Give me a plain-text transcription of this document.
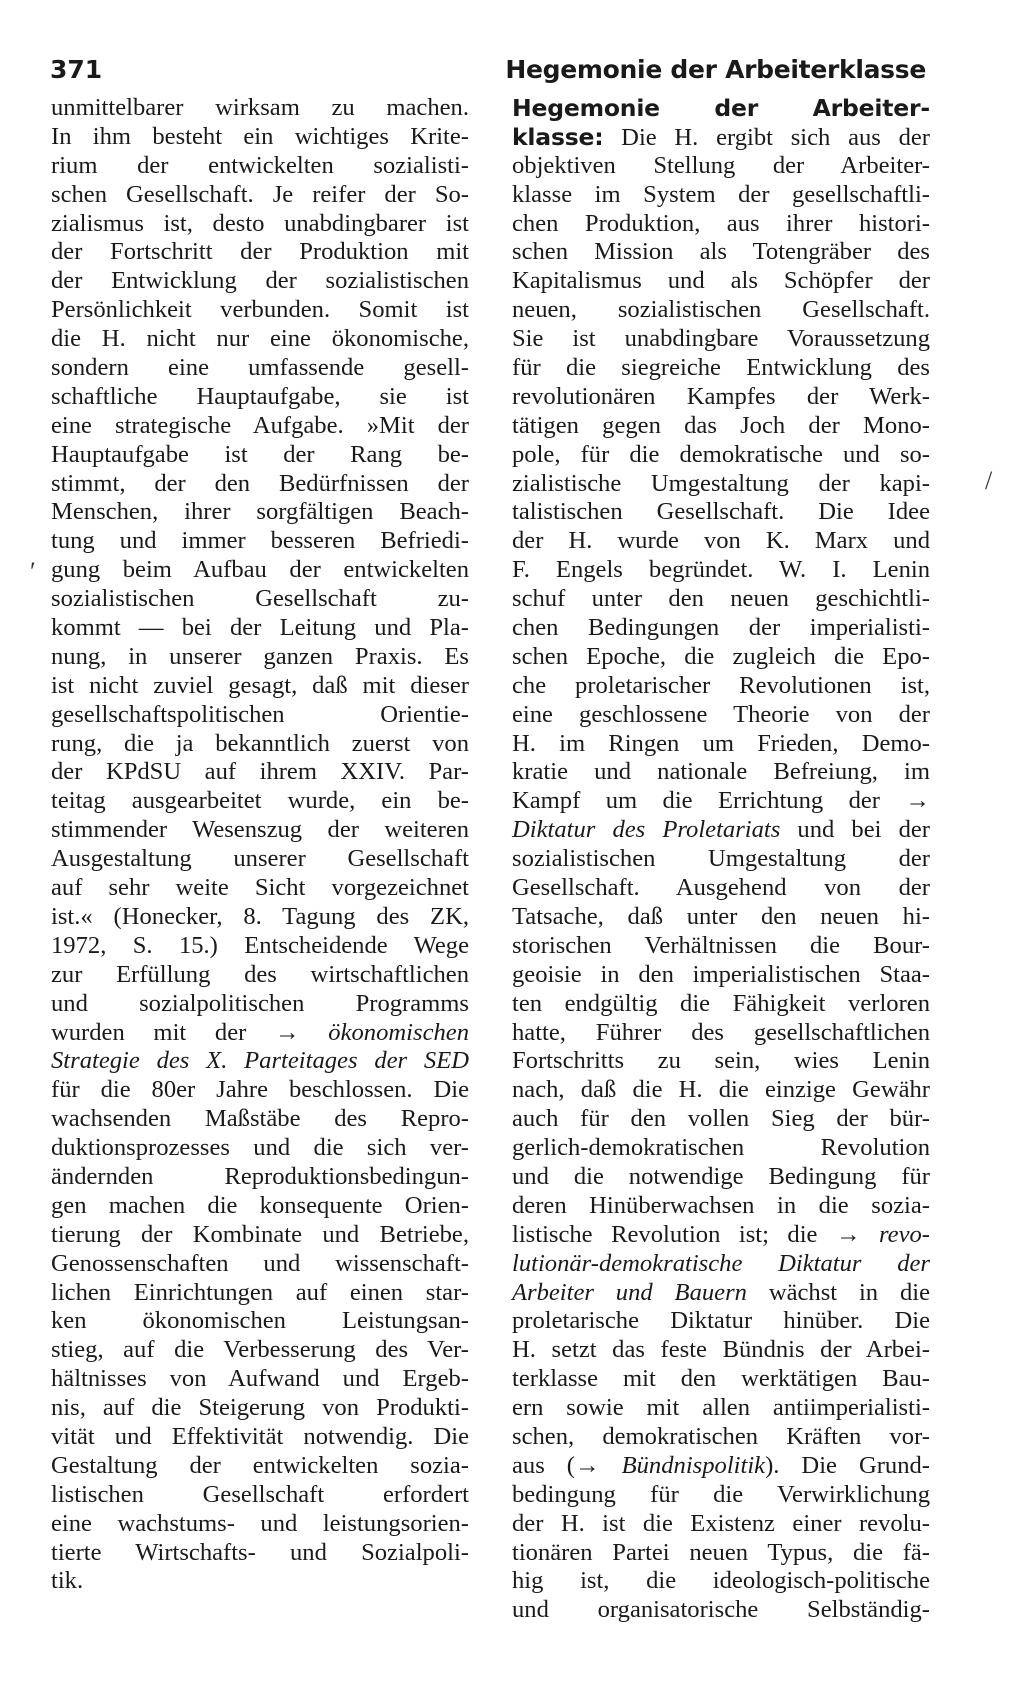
371	Hegemonie der Arbeiterklasse
unmittelbarer wirksam zu machen.
In ihm besteht ein wichtiges Krite-
rium der entwickelten sozialisti-
schen Gesellschaft. Je reifer der So-
zialismus ist, desto unabdingbarer ist
der Fortschritt der Produktion mit
der Entwicklung der sozialistischen
Persönlichkeit verbunden. Somit ist
die H. nicht nur eine ökonomische,
sondern eine umfassende gesell-
schaftliche Hauptaufgabe, sie ist
eine strategische Aufgabe. »Mit der
Hauptaufgabe ist der Rang be-
stimmt, der den Bedürfnissen der
Menschen, ihrer sorgfältigen Beach-
tung und immer besseren Befriedi-
gung beim Aufbau der entwickelten
sozialistischen Gesellschaft zu-
kommt — bei der Leitung und Pla-
nung, in unserer ganzen Praxis. Es
ist nicht zuviel gesagt, daß mit dieser
gesellschaftspolitischen Orientie-
rung, die ja bekanntlich zuerst von
der KPdSU auf ihrem XXIV. Par-
teitag ausgearbeitet wurde, ein be-
stimmender Wesenszug der weiteren
Ausgestaltung unserer Gesellschaft
auf sehr weite Sicht vorgezeichnet
ist.« (Honecker, 8. Tagung des ZK,
1972, S. 15.) Entscheidende Wege
zur Erfüllung des wirtschaftlichen
und sozialpolitischen Programms
wurden mit der → ökonomischen
Strategie des X. Parteitages der SED
für die 80er Jahre beschlossen. Die
wachsenden Maßstäbe des Repro-
duktionsprozesses und die sich ver-
ändernden Reproduktionsbedingun-
gen machen die konsequente Orien-
tierung der Kombinate und Betriebe,
Genossenschaften und wissenschaft-
lichen Einrichtungen auf einen star-
ken ökonomischen Leistungsan-
stieg, auf die Verbesserung des Ver-
hältnisses von Aufwand und Ergeb-
nis, auf die Steigerung von Produkti-
vität und Effektivität notwendig. Die
Gestaltung der entwickelten sozia-
listischen Gesellschaft erfordert
eine wachstums- und leistungsorien-
tierte Wirtschafts- und Sozialpoli-
tik.
Hegemonie der Arbeiter-
klasse: Die H. ergibt sich aus der
objektiven Stellung der Arbeiter-
klasse im System der gesellschaftli-
chen Produktion, aus ihrer histori-
schen Mission als Totengräber des
Kapitalismus und als Schöpfer der
neuen, sozialistischen Gesellschaft.
Sie ist unabdingbare Voraussetzung
für die siegreiche Entwicklung des
revolutionären Kampfes der Werk-
tätigen gegen das Joch der Mono-
pole, für die demokratische und so-
zialistische Umgestaltung der kapi-
talistischen Gesellschaft. Die Idee
der H. wurde von K. Marx und
F. Engels begründet. W. I. Lenin
schuf unter den neuen geschichtli-
chen Bedingungen der imperialisti-
schen Epoche, die zugleich die Epo-
che proletarischer Revolutionen ist,
eine geschlossene Theorie von der
H. im Ringen um Frieden, Demo-
kratie und nationale Befreiung, im
Kampf um die Errichtung der →
Diktatur des Proletariats und bei der
sozialistischen Umgestaltung der
Gesellschaft. Ausgehend von der
Tatsache, daß unter den neuen hi-
storischen Verhältnissen die Bour-
geoisie in den imperialistischen Staa-
ten endgültig die Fähigkeit verloren
hatte, Führer des gesellschaftlichen
Fortschritts zu sein, wies Lenin
nach, daß die H. die einzige Gewähr
auch für den vollen Sieg der bür-
gerlich-demokratischen Revolution
und die notwendige Bedingung für
deren Hinüberwachsen in die sozia-
listische Revolution ist; die → revo-
lutionär-demokratische Diktatur der
Arbeiter und Bauern wächst in die
proletarische Diktatur hinüber. Die
H. setzt das feste Bündnis der Arbei-
terklasse mit den werktätigen Bau-
ern sowie mit allen antiimperialisti-
schen, demokratischen Kräften vor-
aus (→ Bündnispolitik). Die Grund-
bedingung für die Verwirklichung
der H. ist die Existenz einer revolu-
tionären Partei neuen Typus, die fä-
hig ist, die ideologisch-politische
und organisatorische Selbständig-
′
/
